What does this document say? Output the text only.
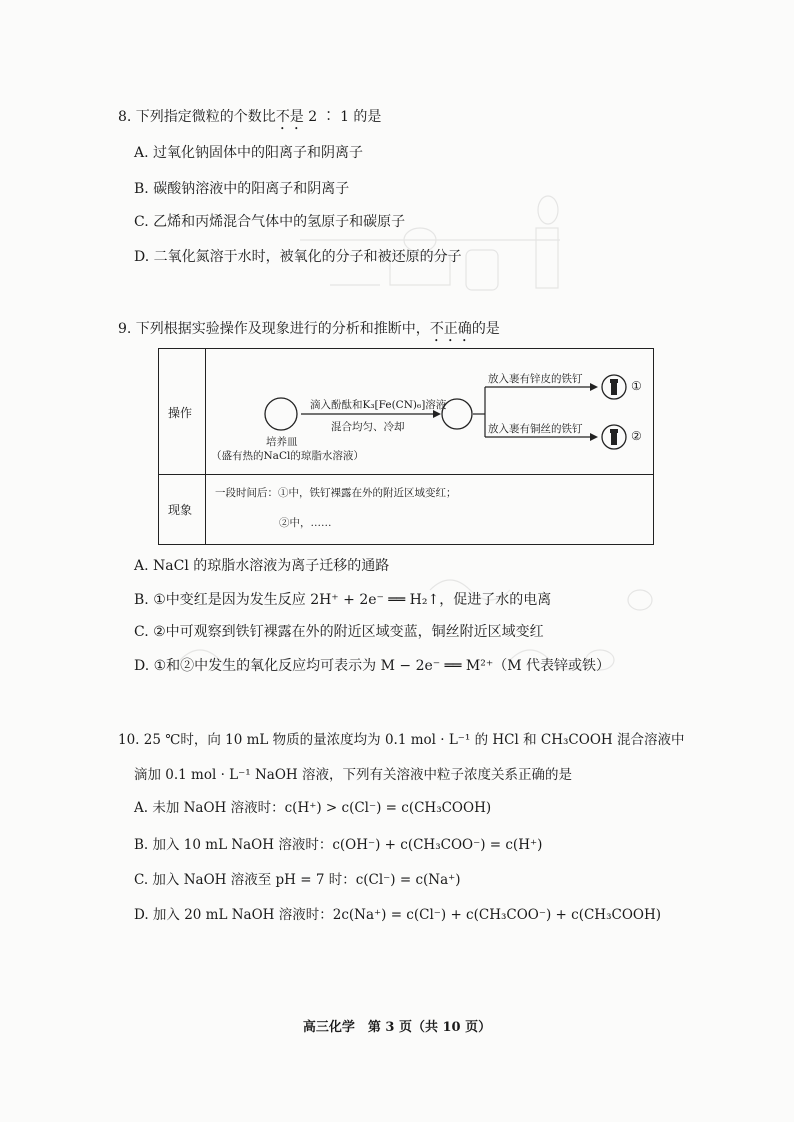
8. 下列指定微粒的个数比不是 2 ∶ 1 的是
A. 过氧化钠固体中的阳离子和阴离子
B. 碳酸钠溶液中的阳离子和阴离子
C. 乙烯和丙烯混合气体中的氢原子和碳原子
D. 二氧化氮溶于水时，被氧化的分子和被还原的分子
9. 下列根据实验操作及现象进行的分析和推断中，不正确的是
操作
现象
滴入酚酞和K₃[Fe(CN)₆]溶液
混合均匀、冷却
培养皿
（盛有热的NaCl的琼脂水溶液）
放入裹有锌皮的铁钉
放入裹有铜丝的铁钉
①
②
一段时间后：①中，铁钉裸露在外的附近区域变红；
②中，……
A. NaCl 的琼脂水溶液为离子迁移的通路
B. ①中变红是因为发生反应 2H⁺ + 2e⁻ ══ H₂↑，促进了水的电离
C. ②中可观察到铁钉裸露在外的附近区域变蓝，铜丝附近区域变红
D. ①和②中发生的氧化反应均可表示为 M − 2e⁻ ══ M²⁺（M 代表锌或铁）
10. 25 ℃时，向 10 mL 物质的量浓度均为 0.1 mol · L⁻¹ 的 HCl 和 CH₃COOH 混合溶液中
滴加 0.1 mol · L⁻¹ NaOH 溶液，下列有关溶液中粒子浓度关系正确的是
A. 未加 NaOH 溶液时：c(H⁺) > c(Cl⁻) = c(CH₃COOH)
B. 加入 10 mL NaOH 溶液时：c(OH⁻) + c(CH₃COO⁻) = c(H⁺)
C. 加入 NaOH 溶液至 pH = 7 时：c(Cl⁻) = c(Na⁺)
D. 加入 20 mL NaOH 溶液时：2c(Na⁺) = c(Cl⁻) + c(CH₃COO⁻) + c(CH₃COOH)
高三化学　第 3 页（共 10 页）
